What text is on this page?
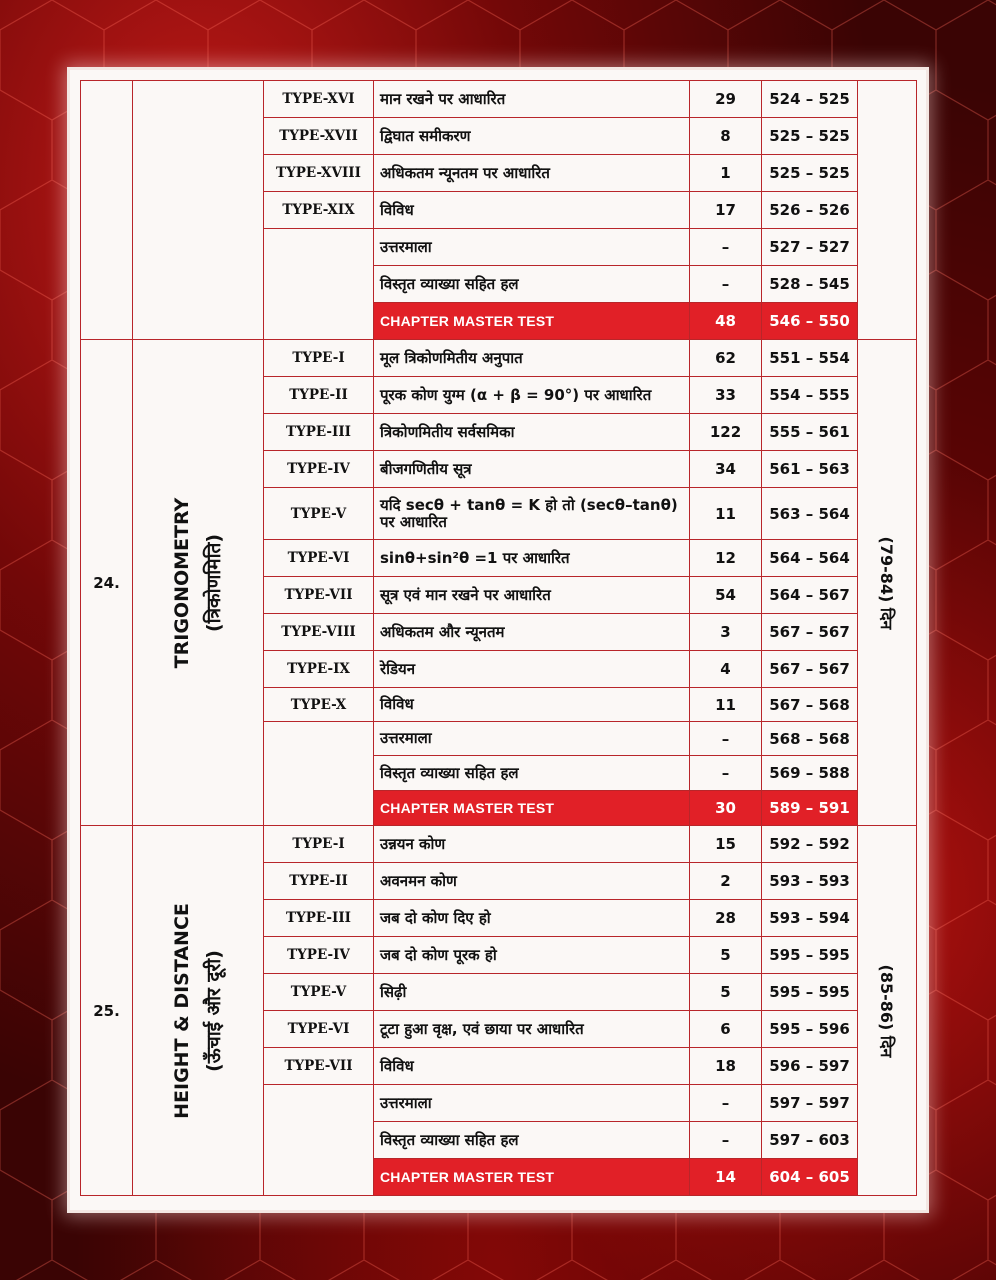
		TYPE-XVI	मान रखने पर आधारित	29	524 – 525	
		TYPE-XVII	द्विघात समीकरण	8	525 – 525	
		TYPE-XVIII	अधिकतम न्यूनतम पर आधारित	1	525 – 525	
		TYPE-XIX	विविध	17	526 – 526	
			उत्तरमाला	–	527 – 527	
			विस्तृत व्याख्या सहित हल	–	528 – 545	
			CHAPTER MASTER TEST	48	546 – 550	
24.	TRIGONOMETRY (त्रिकोणमिति)	TYPE-I	मूल त्रिकोणमितीय अनुपात	62	551 – 554	(79-84) दिन

		TYPE-II	पूरक कोण युग्म (α + β = 90°) पर आधारित	33	554 – 555	
		TYPE-III	त्रिकोणमितीय सर्वसमिका	122	555 – 561	
		TYPE-IV	बीजगणितीय सूत्र	34	561 – 563	
		TYPE-V	यदि secθ + tanθ = K हो तो (secθ–tanθ) पर आधारित	11	563 – 564	
		TYPE-VI	sinθ+sin²θ =1 पर आधारित	12	564 – 564	
		TYPE-VII	सूत्र एवं मान रखने पर आधारित	54	564 – 567	
		TYPE-VIII	अधिकतम और न्यूनतम	3	567 – 567	
		TYPE-IX	रेडियन	4	567 – 567	
		TYPE-X	विविध	11	567 – 568	
			उत्तरमाला	–	568 – 568	
			विस्तृत व्याख्या सहित हल	–	569 – 588	
			CHAPTER MASTER TEST	30	589 – 591	
25.	HEIGHT & DISTANCE (ऊँचाई और दूरी)	TYPE-I	उन्नयन कोण	15	592 – 592	(85-86) दिन

		TYPE-II	अवनमन कोण	2	593 – 593	
		TYPE-III	जब दो कोण दिए हो	28	593 – 594	
		TYPE-IV	जब दो कोण पूरक हो	5	595 – 595	
		TYPE-V	सिढ़ी	5	595 – 595	
		TYPE-VI	टूटा हुआ वृक्ष, एवं छाया पर आधारित	6	595 – 596	
		TYPE-VII	विविध	18	596 – 597	
			उत्तरमाला	–	597 – 597	
			विस्तृत व्याख्या सहित हल	–	597 – 603	
			CHAPTER MASTER TEST	14	604 – 605	
